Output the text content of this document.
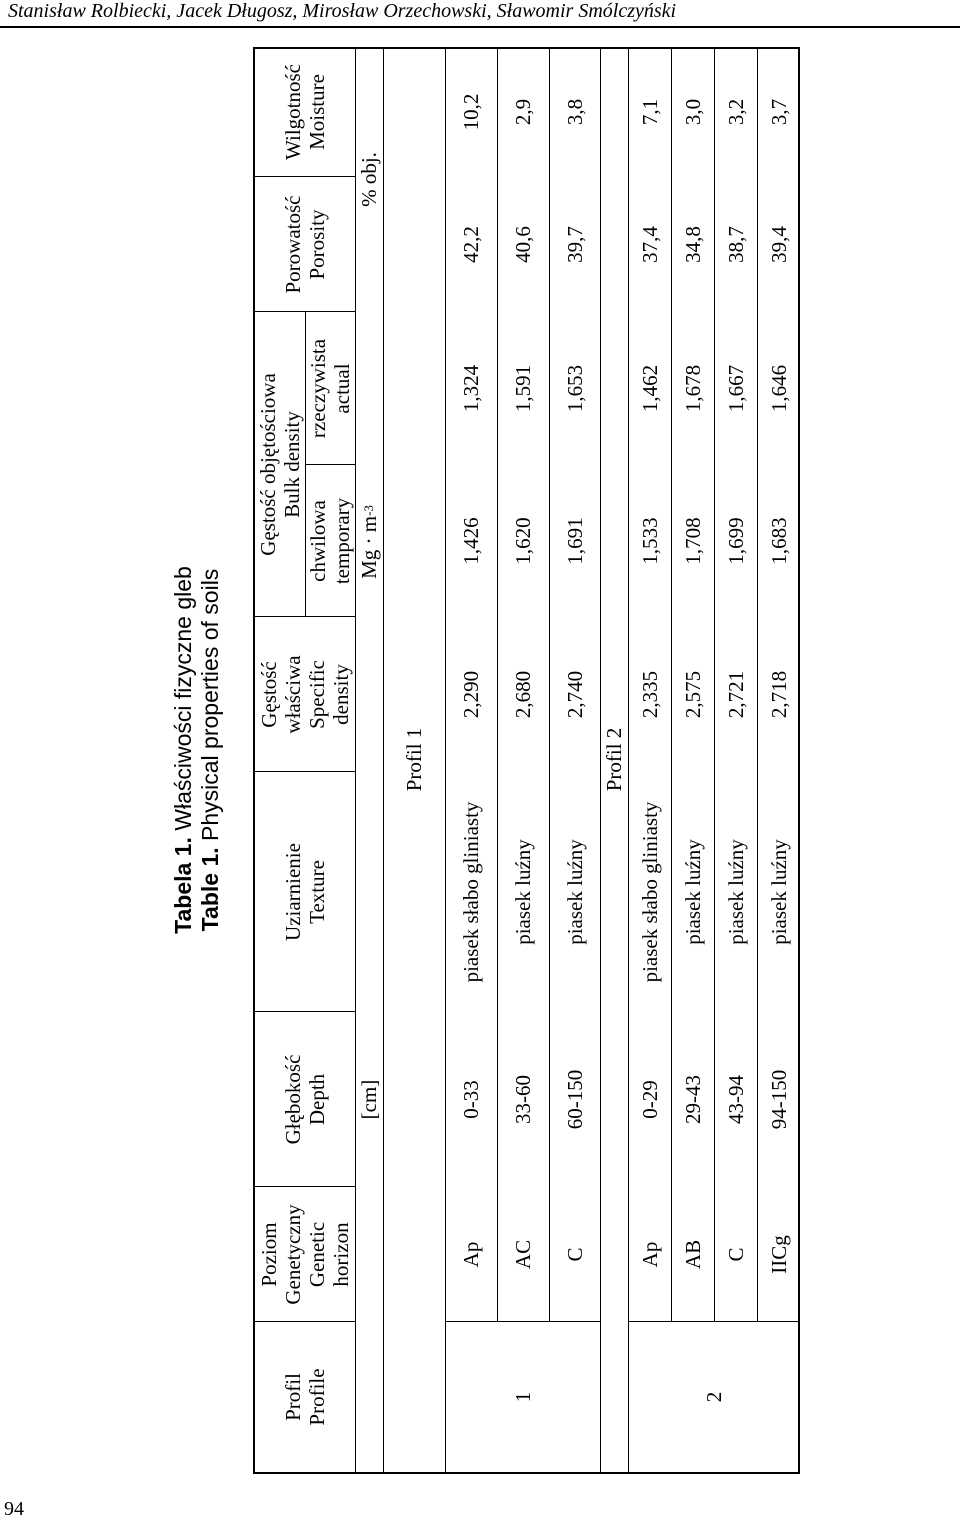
Stanisław Rolbiecki, Jacek Długosz, Mirosław Orzechowski, Sławomir Smólczyński
94
Tabela 1. Właściwości fizyczne gleb
Table 1. Physical properties of soils
Profil Profile
Poziom Genetyczny Genetic horizon
Głębokość Depth
Uziarnienie Texture
Gęstość właściwa Specific density
Gęstość objętościowa Bulk density
chwilowa temporary
rzeczywista actual
Porowatość Porosity
Wilgotność Moisture
[cm]
Mg · m
-3
% obj.
Profil 1	Profil 2
1	2
Ap
0-33
piasek słabo gliniasty
2,290
1,426
1,324
42,2
10,2
AC
33-60
piasek luźny
2,680
1,620
1,591
40,6
2,9
C
60-150
piasek luźny
2,740
1,691
1,653
39,7
3,8
Ap
0-29
piasek słabo gliniasty
2,335
1,533
1,462
37,4
7,1
AB
29-43
piasek luźny
2,575
1,708
1,678
34,8
3,0
C
43-94
piasek luźny
2,721
1,699
1,667
38,7
3,2
IICg
94-150
piasek luźny
2,718
1,683
1,646
39,4
3,7
